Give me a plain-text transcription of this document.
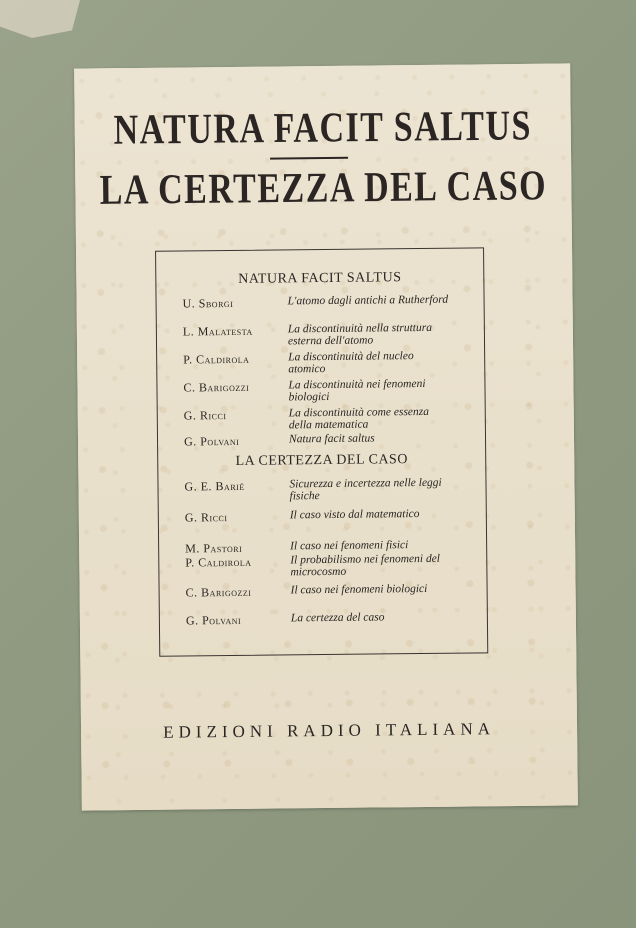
NATURA FACIT SALTUS
LA CERTEZZA DEL CASO
NATURA FACIT SALTUS
U. Sborgi	L'atomo dagli antichi a Rutherford
L. Malatesta	La discontinuità nella struttura esterna dell'atomo
P. Caldirola	La discontinuità del nucleo atomico
C. Barigozzi	La discontinuità nei fenomeni biologici
G. Ricci	La discontinuità come essenza della matematica
G. Polvani	Natura facit saltus
LA CERTEZZA DEL CASO
G. E. Barié	Sicurezza e incertezza nelle leggi fisiche
G. Ricci	Il caso visto dal matematico
M. Pastori	Il caso nei fenomeni fisici
P. Caldirola	Il probabilismo nei fenomeni del microcosmo
C. Barigozzi	Il caso nei fenomeni biologici
G. Polvani	La certezza del caso
EDIZIONI RADIO ITALIANA
